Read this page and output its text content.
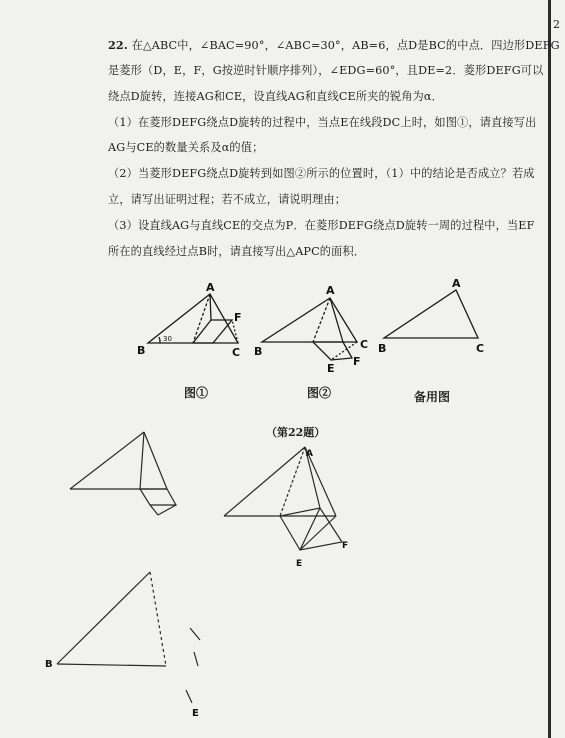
2
22. 在△ABC中，∠BAC=90°，∠ABC=30°，AB=6，点D是BC的中点．四边形DEFG
是菱形（D，E，F，G按逆时针顺序排列），∠EDG=60°，且DE=2．菱形DEFG可以
绕点D旋转，连接AG和CE，设直线AG和直线CE所夹的锐角为α．
（1）在菱形DEFG绕点D旋转的过程中，当点E在线段DC上时，如图①，请直接写出
AG与CE的数量关系及α的值；
（2）当菱形DEFG绕点D旋转到如图②所示的位置时，（1）中的结论是否成立？若成
立，请写出证明过程；若不成立，请说明理由；
（3）设直线AG与直线CE的交点为P．在菱形DEFG绕点D旋转一周的过程中，当EF
所在的直线经过点B时，请直接写出△APC的面积．
A
B	C
F
30
A
B
C
E
F
A
B	C
A
F
E
B
E
图①	图②	备用图
（第22题）
